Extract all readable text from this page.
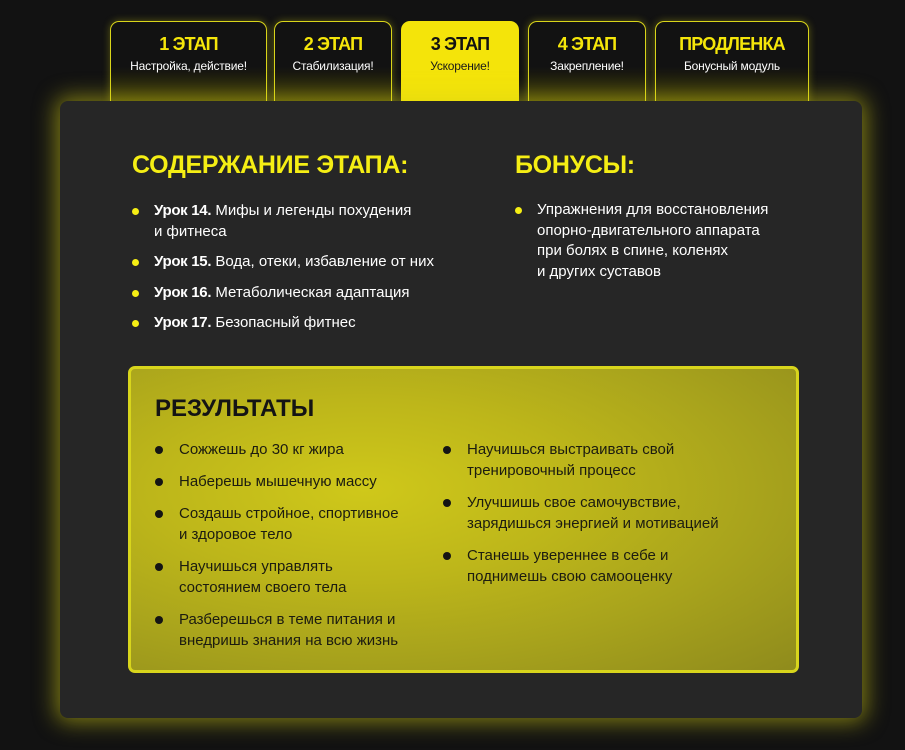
1 ЭТАП
Настройка, действие!
2 ЭТАП
Стабилизация!
3 ЭТАП
Ускорение!
4 ЭТАП
Закрепление!
ПРОДЛЕНКА
Бонусный модуль
СОДЕРЖАНИЕ ЭТАПА:
Урок 14. Мифы и легенды похудения
и фитнеса
Урок 15. Вода, отеки, избавление от них
Урок 16. Метаболическая адаптация
Урок 17. Безопасный фитнес
БОНУСЫ:
Упражнения для восстановления
опорно-двигательного аппарата
при болях в спине, коленях
и других суставов
РЕЗУЛЬТАТЫ
Сожжешь до 30 кг жира
Наберешь мышечную массу
Создашь стройное, спортивное
и здоровое тело
Научишься управлять
состоянием своего тела
Разберешься в теме питания и
внедришь знания на всю жизнь
Научишься выстраивать свой
тренировочный процесс
Улучшишь свое самочувствие,
зарядишься энергией и мотивацией
Станешь увереннее в себе и
поднимешь свою самооценку
